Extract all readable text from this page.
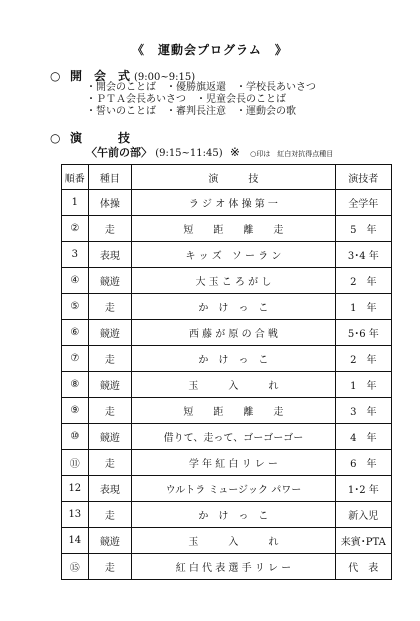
《　運動会プログラム　》
○ 開　会　式 (9:00~9:15)
・開会のことば　・優勝旗返還　・学校長あいさつ
・ＰＴＡ会長あいさつ　・児童会長のことば
・誓いのことば　・審判長注意　・運動会の歌
○ 演　　　技
〈午前の部〉 (9:15~11:45) ※ ○印は　紅白対抗得点種目
順番	種目	演　　　技	演技者
1	体操	ラ ジ オ 体 操 第 一	全学年
②	走	短　　距　　離　　走	5　年
3	表現	キ ッ ズ　ソ ー ラ ン	3･4 年
④	競遊	大 玉 こ ろ が し	2　年
⑤	走	か　け　っ　こ	1　年
⑥	競遊	西 藤 が 原 の 合 戦	5･6 年
⑦	走	か　け　っ　こ	2　年
⑧	競遊	玉　　　入　　　れ	1　年
⑨	走	短　　距　　離　　走	3　年
⑩	競遊	借りて、走って、ゴーゴーゴー	4　年
⑪	走	学 年 紅 白 リ レ ー	6　年
12	表現	ウルトラ ミュージック パワー	1･2 年
13	走	か　け　っ　こ	新入児
14	競遊	玉　　　入　　　れ	来賓･PTA
⑮	走	紅 白 代 表 選 手 リ レ ー	代　表
